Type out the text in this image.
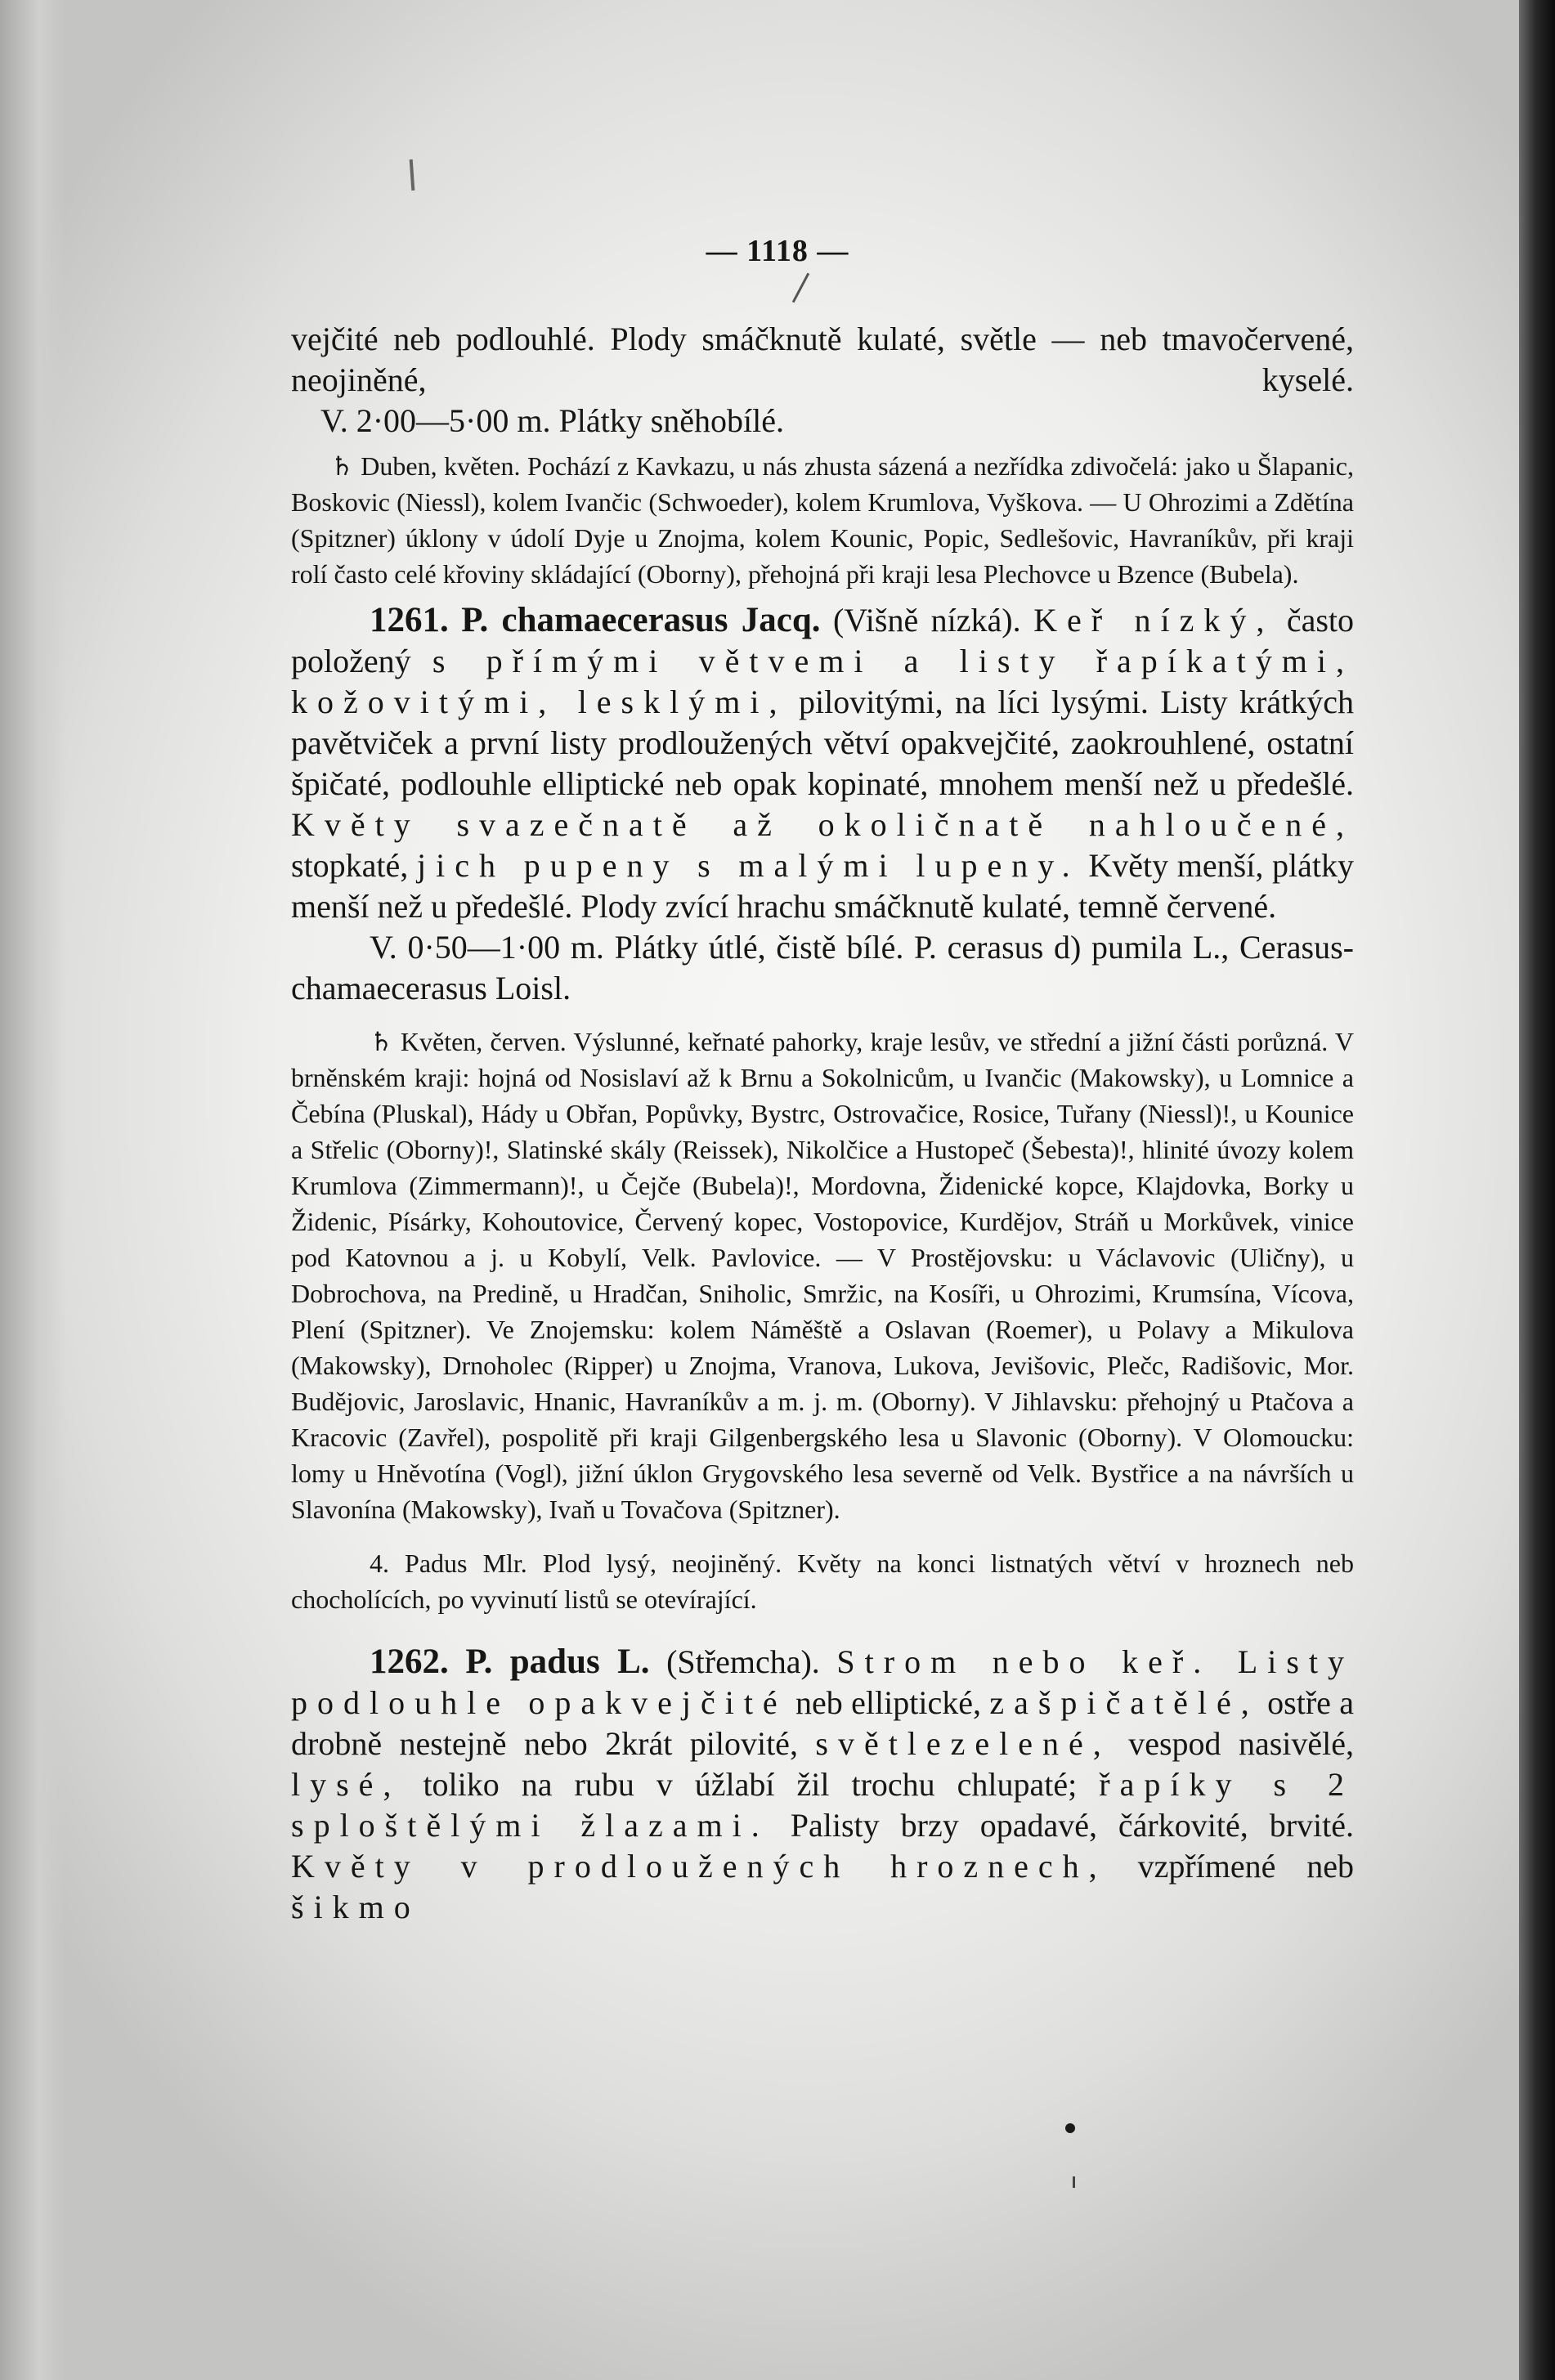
— 1118 —

vejčité neb podlouhlé. Plody smáčknutě kulaté, světle — neb tmavočervené, neojiněné, kyselé.

V. 2·00—5·00 m. Plátky sněhobílé.

♄ Duben, květen. Pochází z Kavkazu, u nás zhusta sázená a nezřídka zdivočelá: jako u Šlapanic, Boskovic (Niessl), kolem Ivančic (Schwoeder), kolem Krumlova, Vyškova. — U Ohrozimi a Zdětína (Spitzner) úklony v údolí Dyje u Znojma, kolem Kounic, Popic, Sedlešovic, Havraníkův, při kraji rolí často celé křoviny skládající (Oborny), přehojná při kraji lesa Plechovce u Bzence (Bubela).

1261. P. chamaecerasus Jacq. (Višně nízká). Keř nízký, často položený s přímými větvemi a listy řapíkatými, kožovitými, lesklými, pilovitými, na líci lysými. Listy krátkých pavětviček a první listy prodloužených větví opakvejčité, zaokrouhlené, ostatní špičaté, podlouhle elliptické neb opak kopinaté, mnohem menší než u předešlé. Květy svazečnatě až okoličnatě nahloučené, stopkaté, jich pupeny s malými lupeny. Květy menší, plátky menší než u předešlé. Plody zvící hrachu smáčknutě kulaté, temně červené.

V. 0·50—1·00 m. Plátky útlé, čistě bílé. P. cerasus d) pumila L., Cerasus-chamaecerasus Loisl.

♄ Květen, červen. Výslunné, keřnaté pahorky, kraje lesův, ve střední a jižní části porůzná. V brněnském kraji: hojná od Nosislaví až k Brnu a Sokolnicům, u Ivančic (Makowsky), u Lomnice a Čebína (Pluskal), Hády u Obřan, Popůvky, Bystrc, Ostrovačice, Rosice, Tuřany (Niessl)!, u Kounice a Střelic (Oborny)!, Slatinské skály (Reissek), Nikolčice a Hustopeč (Šebesta)!, hlinité úvozy kolem Krumlova (Zimmermann)!, u Čejče (Bubela)!, Mordovna, Židenické kopce, Klajdovka, Borky u Židenic, Písárky, Kohoutovice, Červený kopec, Vostopovice, Kurdějov, Stráň u Morkůvek, vinice pod Katovnou a j. u Kobylí, Velk. Pavlovice. — V Prostějovsku: u Václavovic (Uličny), u Dobrochova, na Predině, u Hradčan, Sniholic, Smržic, na Kosíři, u Ohrozimi, Krumsína, Vícova, Plení (Spitzner). Ve Znojemsku: kolem Náměště a Oslavan (Roemer), u Polavy a Mikulova (Makowsky), Drnoholec (Ripper) u Znojma, Vranova, Lukova, Jevišovic, Plečc, Radišovic, Mor. Budějovic, Jaroslavic, Hnanic, Havraníkův a m. j. m. (Oborny). V Jihlavsku: přehojný u Ptačova a Kracovic (Zavřel), pospolitě při kraji Gilgenbergského lesa u Slavonic (Oborny). V Olomoucku: lomy u Hněvotína (Vogl), jižní úklon Grygovského lesa severně od Velk. Bystřice a na návrších u Slavonína (Makowsky), Ivaň u Tovačova (Spitzner).

4. Padus Mlr. Plod lysý, neojiněný. Květy na konci listnatých větví v hroznech neb chocholících, po vyvinutí listů se otevírající.

1262. P. padus L. (Střemcha). Strom nebo keř. Listy podlouhle opakvejčité neb elliptické, zašpičatělé, ostře a drobně nestejně nebo 2krát pilovité, světlezelené, vespod nasivělé, lysé, toliko na rubu v úžlabí žil trochu chlupaté; řapíky s 2 sploštělými žlazami. Palisty brzy opadavé, čárkovité, brvité. Květy v prodloužených hroznech, vzpřímené neb šikmo
